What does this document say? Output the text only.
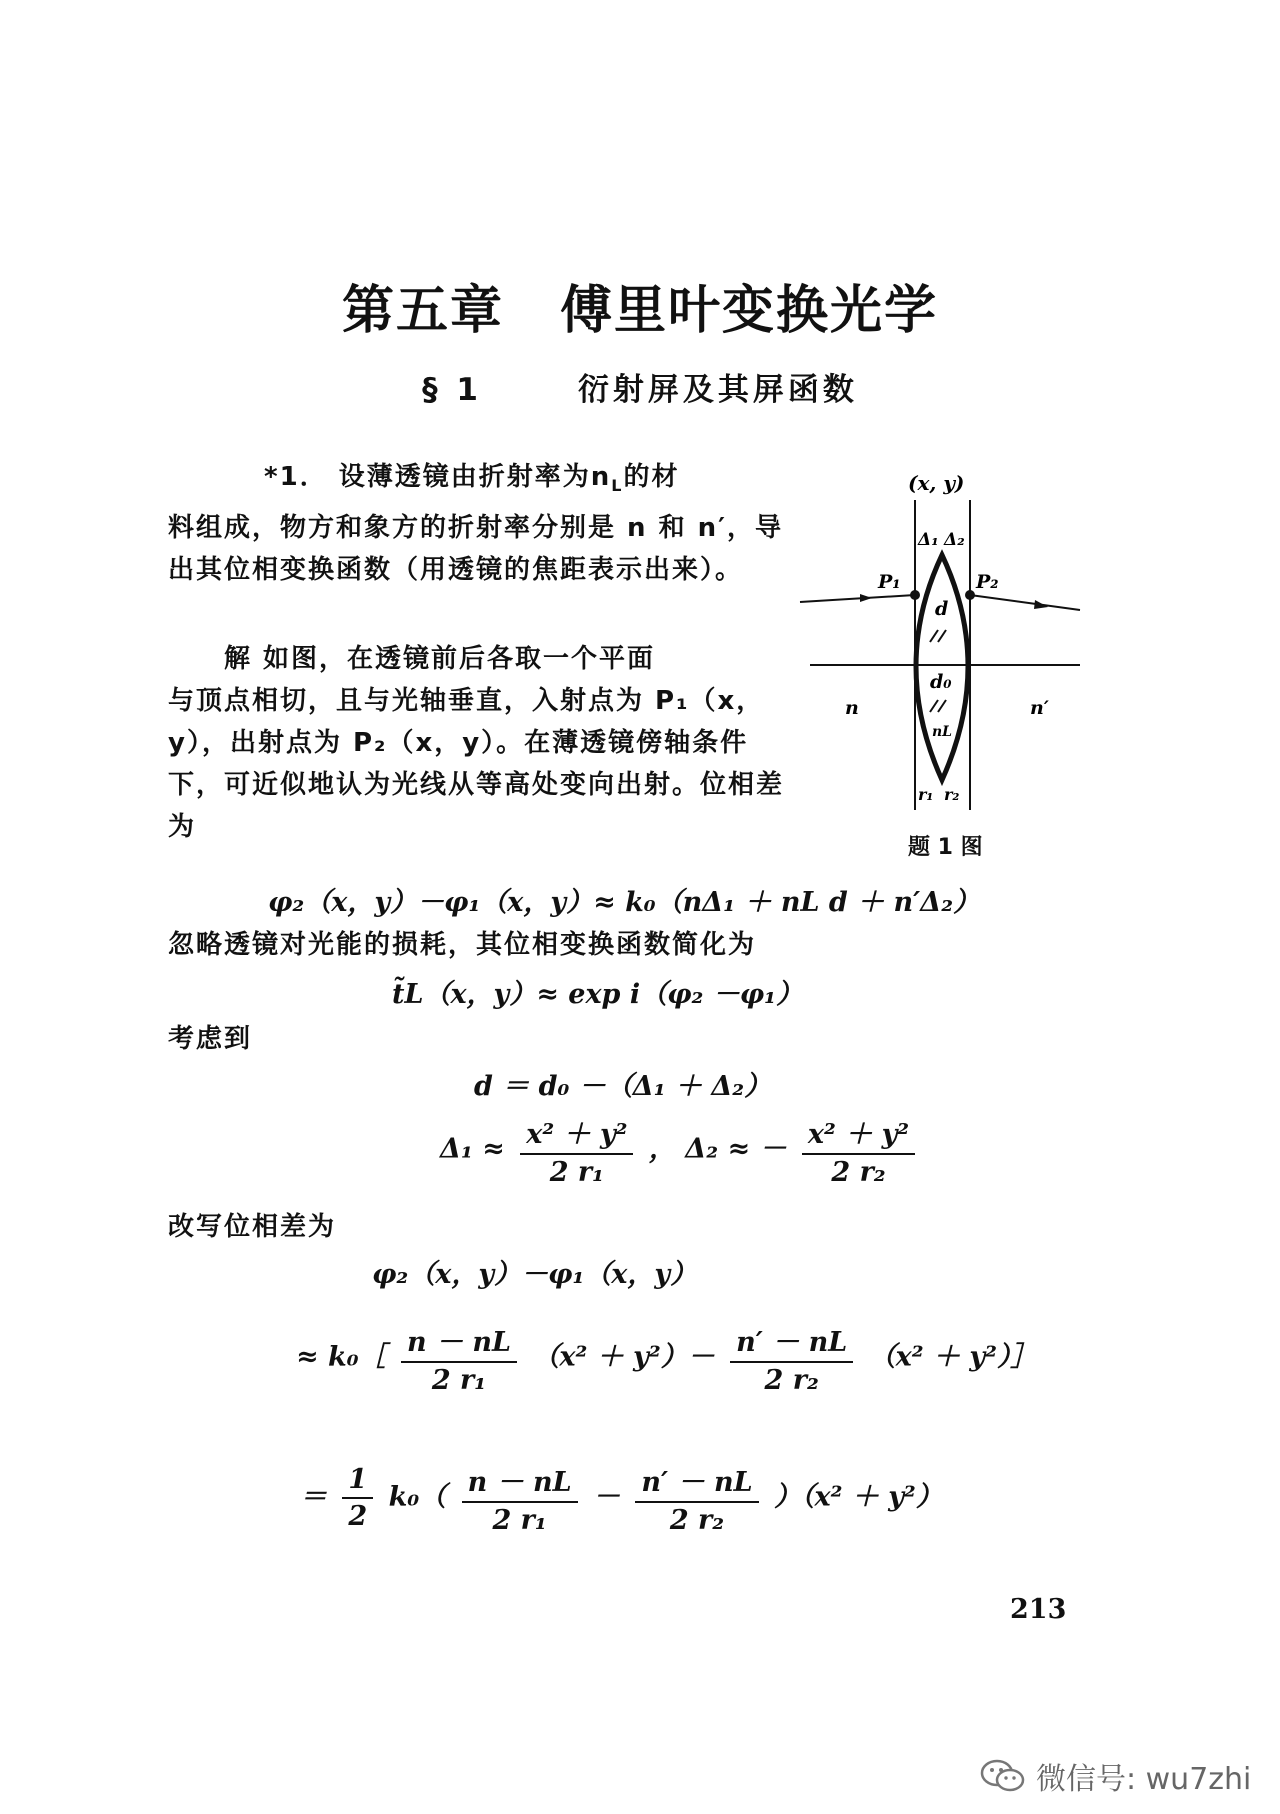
第五章 傅里叶变换光学
§ 1	衍射屏及其屏函数
*1． 设薄透镜由折射率为$n_L$的材
料组成，物方和象方的折射率分别是 n 和 n′，导出其位相变换函数（用透镜的焦距表示出来）。
解 如图，在透镜前后各取一个平面
与顶点相切，且与光轴垂直，入射点为 P₁（x，y），出射点为 P₂（x，y）。在薄透镜傍轴条件下，可近似地认为光线从等高处变向出射。位相差为
(x, y)
Δ₁ Δ₂
P₁	P₂
d
d₀
nL
n	n′
r₁ r₂
题 1 图
φ₂（x，y）－φ₁（x，y）≈ k₀（nΔ₁ ＋ nL d ＋ n′Δ₂）
忽略透镜对光能的损耗，其位相变换函数简化为
t̃L（x，y）≈ exp i（φ₂ －φ₁）
考虑到
d ＝ d₀ －（Δ₁ ＋ Δ₂）
$\Delta_1 \approx \frac{\text{x² ＋ y²}}{\text{2 r₁}}$ ， Δ₂ ≈ － $\frac{\text{x² ＋ y²}}{\text{2 r₂}}$
改写位相差为
φ₂（x，y）－φ₁（x，y）
≈ k₀［ $\frac{n - nL}{\text{2 r₁}} (x^2 + y^2)- \frac{n' - nL}{\text{2 r₂}} (x^2$ ＋ y²）］
＝ $\frac{1}{2} k_0( \frac{n - nL}{\text{2 r₁}} - \frac{n' - nL}{\text{2 r₂}} )(x^2 + y^2)$
213
微信号: wu7zhi
